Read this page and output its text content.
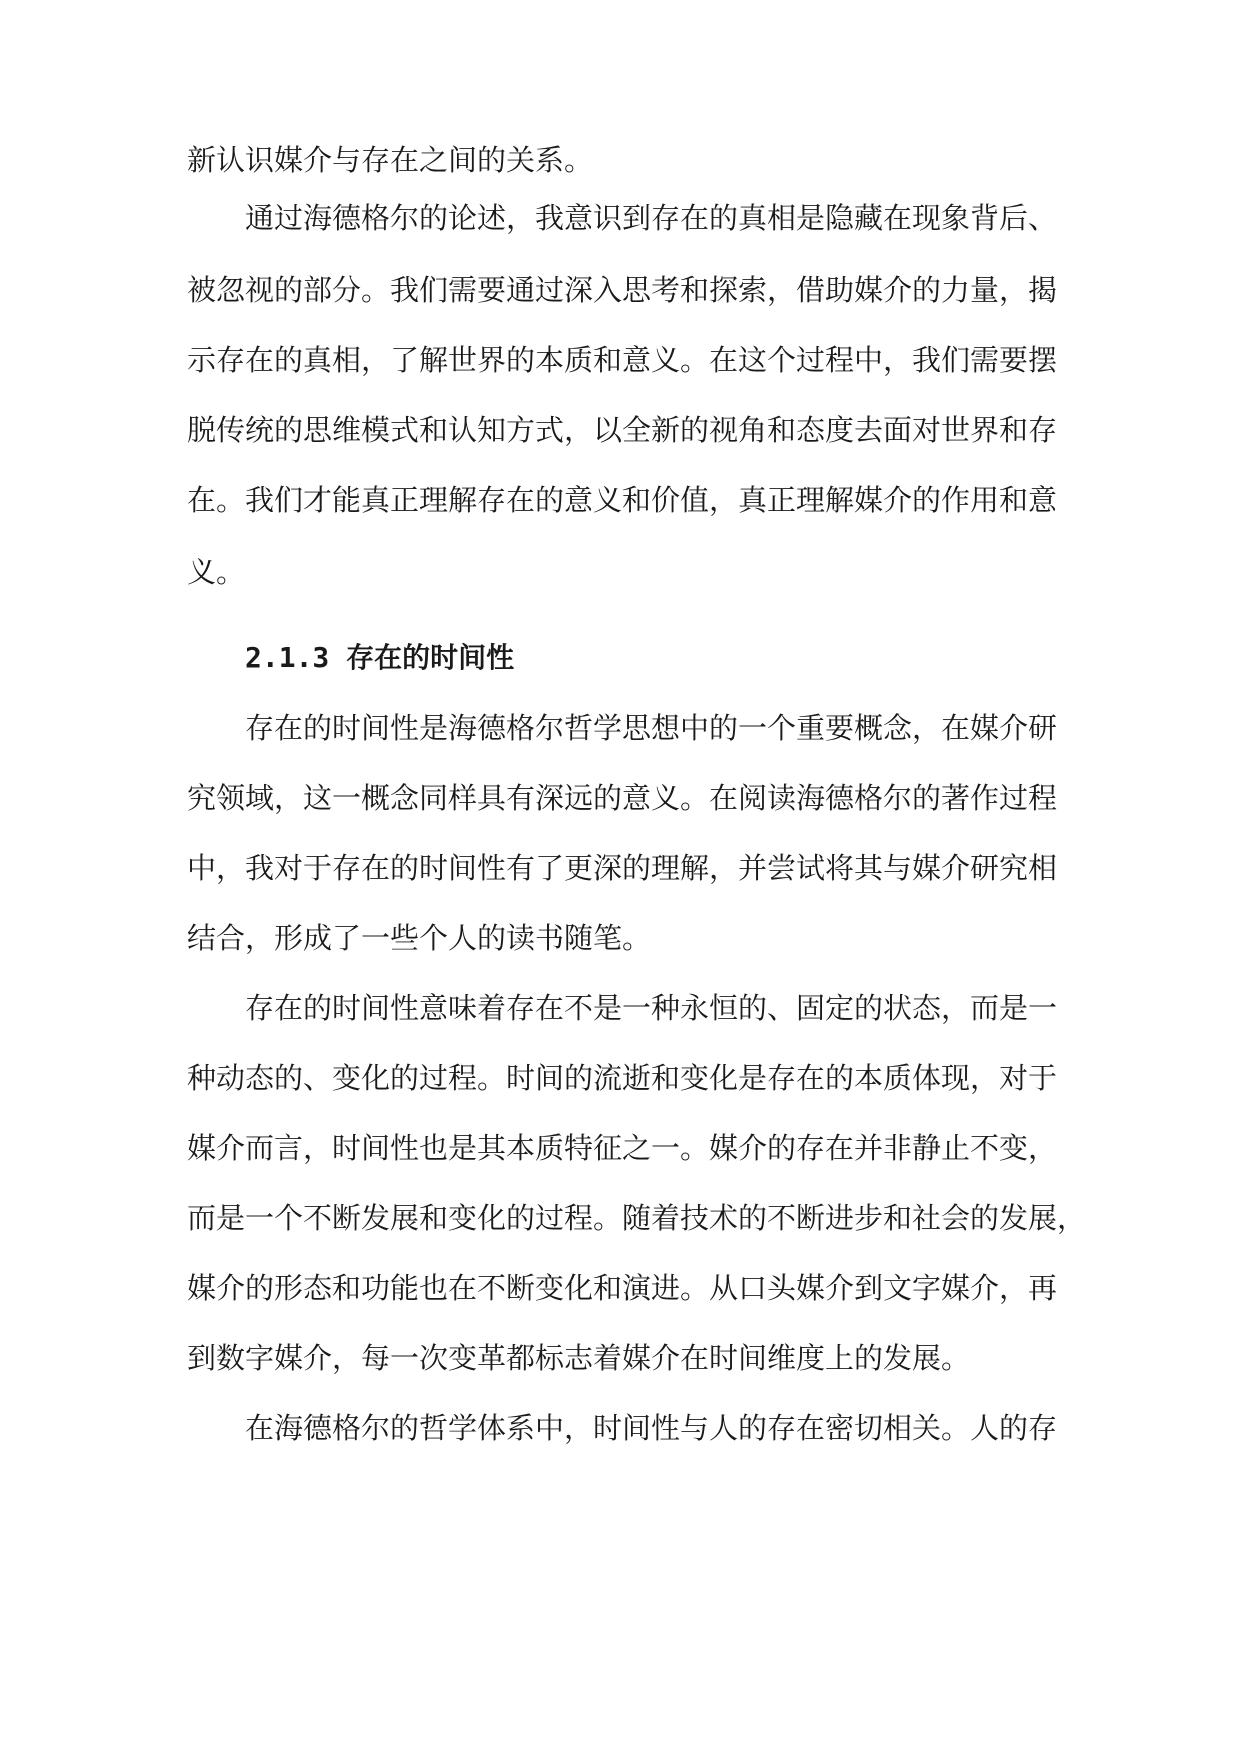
新认识媒介与存在之间的关系。
通过海德格尔的论述，我意识到存在的真相是隐藏在现象背后、
被忽视的部分。我们需要通过深入思考和探索，借助媒介的力量，揭
示存在的真相，了解世界的本质和意义。在这个过程中，我们需要摆
脱传统的思维模式和认知方式，以全新的视角和态度去面对世界和存
在。我们才能真正理解存在的意义和价值，真正理解媒介的作用和意
义。
2.1.3 存在的时间性
存在的时间性是海德格尔哲学思想中的一个重要概念，在媒介研
究领域，这一概念同样具有深远的意义。在阅读海德格尔的著作过程
中，我对于存在的时间性有了更深的理解，并尝试将其与媒介研究相
结合，形成了一些个人的读书随笔。
存在的时间性意味着存在不是一种永恒的、固定的状态，而是一
种动态的、变化的过程。时间的流逝和变化是存在的本质体现，对于
媒介而言，时间性也是其本质特征之一。媒介的存在并非静止不变，
而是一个不断发展和变化的过程。随着技术的不断进步和社会的发展，
媒介的形态和功能也在不断变化和演进。从口头媒介到文字媒介，再
到数字媒介，每一次变革都标志着媒介在时间维度上的发展。
在海德格尔的哲学体系中，时间性与人的存在密切相关。人的存
